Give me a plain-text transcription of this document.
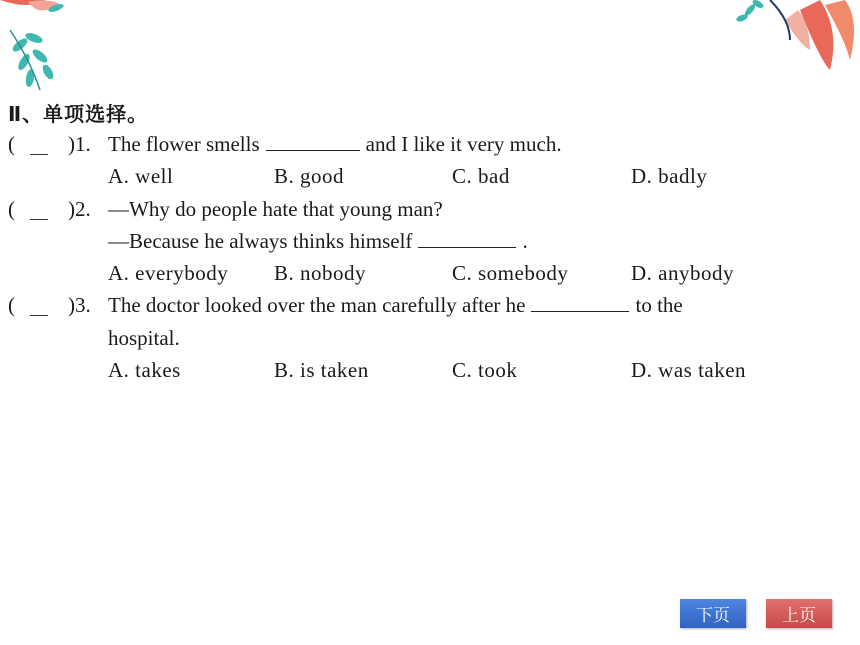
Ⅱ、单项选择。
(	)1. The flower smells	and I like it very much.
A. well	B. good	C. bad	D. badly
(	)2. —Why do people hate that young man?
—Because he always thinks himself	.
A. everybody B. nobody	C. somebody	D. anybody
(	)3. The doctor looked over the man carefully after he	to the
hospital.
A. takes	B. is taken	C. took	D. was taken
下页	上页
